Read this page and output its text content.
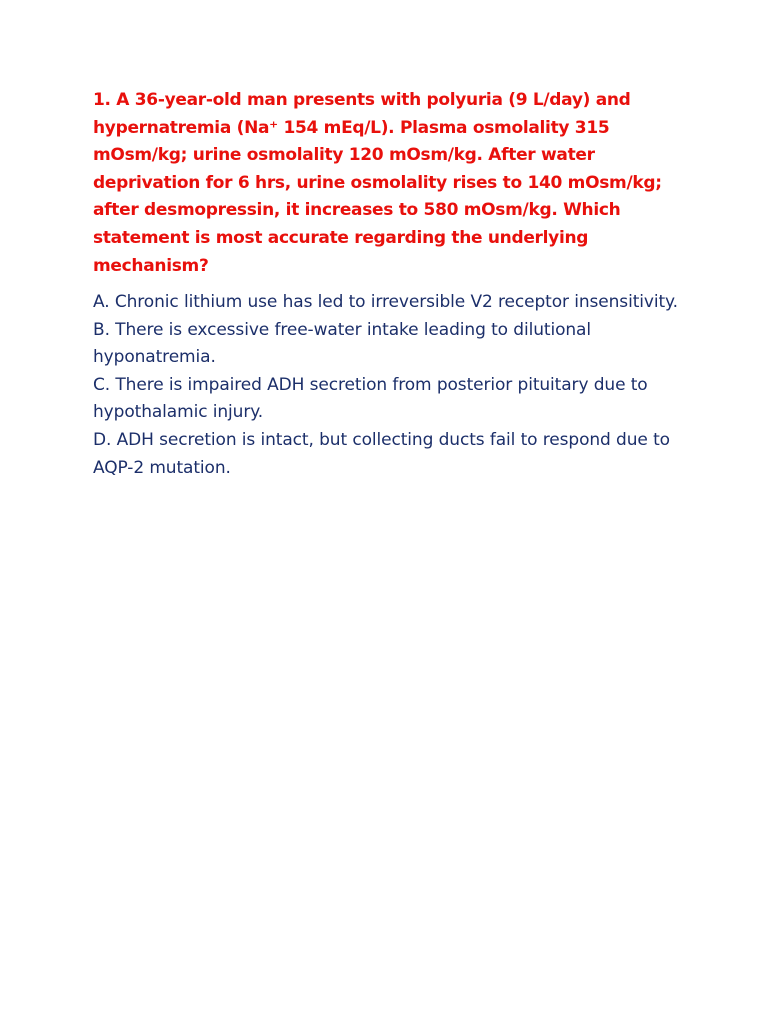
1. A 36-year-old man presents with polyuria (9 L/day) and hypernatremia (Na⁺ 154 mEq/L). Plasma osmolality 315 mOsm/kg; urine osmolality 120 mOsm/kg. After water deprivation for 6 hrs, urine osmolality rises to 140 mOsm/kg; after desmopressin, it increases to 580 mOsm/kg. Which statement is most accurate regarding the underlying mechanism?

A. Chronic lithium use has led to irreversible V2 receptor insensitivity.
B. There is excessive free-water intake leading to dilutional hyponatremia.
C. There is impaired ADH secretion from posterior pituitary due to hypothalamic injury.
D. ADH secretion is intact, but collecting ducts fail to respond due to AQP-2 mutation.
